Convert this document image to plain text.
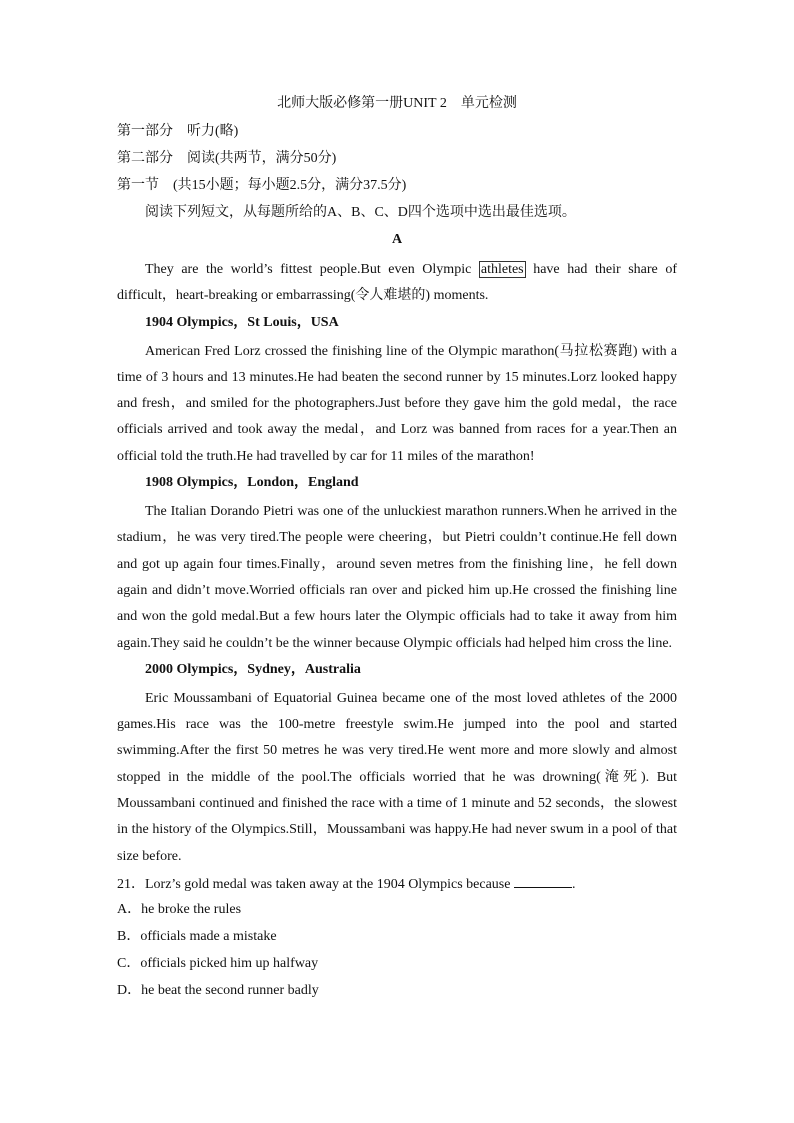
北师大版必修第一册UNIT 2　单元检测

第一部分　听力(略)

第二部分　阅读(共两节，满分50分)

第一节　(共15小题；每小题2.5分，满分37.5分)

阅读下列短文，从每题所给的A、B、C、D四个选项中选出最佳选项。

A

They are the world’s fittest people.But even Olympic athletes have had their share of difficult，heart-breaking or embarrassing(令人难堪的) moments.

1904 Olympics，St Louis，USA

American Fred Lorz crossed the finishing line of the Olympic marathon(马拉松赛跑) with a time of 3 hours and 13 minutes.He had beaten the second runner by 15 minutes.Lorz looked happy and fresh，and smiled for the photographers.Just before they gave him the gold medal，the race officials arrived and took away the medal，and Lorz was banned from races for a year.Then an official told the truth.He had travelled by car for 11 miles of the marathon!

1908 Olympics，London，England

The Italian Dorando Pietri was one of the unluckiest marathon runners.When he arrived in the stadium，he was very tired.The people were cheering，but Pietri couldn’t continue.He fell down and got up again four times.Finally，around seven metres from the finishing line，he fell down again and didn’t move.Worried officials ran over and picked him up.He crossed the finishing line and won the gold medal.But a few hours later the Olympic officials had to take it away from him again.They said he couldn’t be the winner because Olympic officials had helped him cross the line.

2000 Olympics，Sydney，Australia

Eric Moussambani of Equatorial Guinea became one of the most loved athletes of the 2000 games.His race was the 100-metre freestyle swim.He jumped into the pool and started swimming.After the first 50 metres he was very tired.He went more and more slowly and almost stopped in the middle of the pool.The officials worried that he was drowning(淹死). But Moussambani continued and finished the race with a time of 1 minute and 52 seconds，the slowest in the history of the Olympics.Still，Moussambani was happy.He had never swum in a pool of that size before.

21．Lorz’s gold medal was taken away at the 1904 Olympics because	.

A．he broke the rules

B．officials made a mistake

C．officials picked him up halfway

D．he beat the second runner badly
